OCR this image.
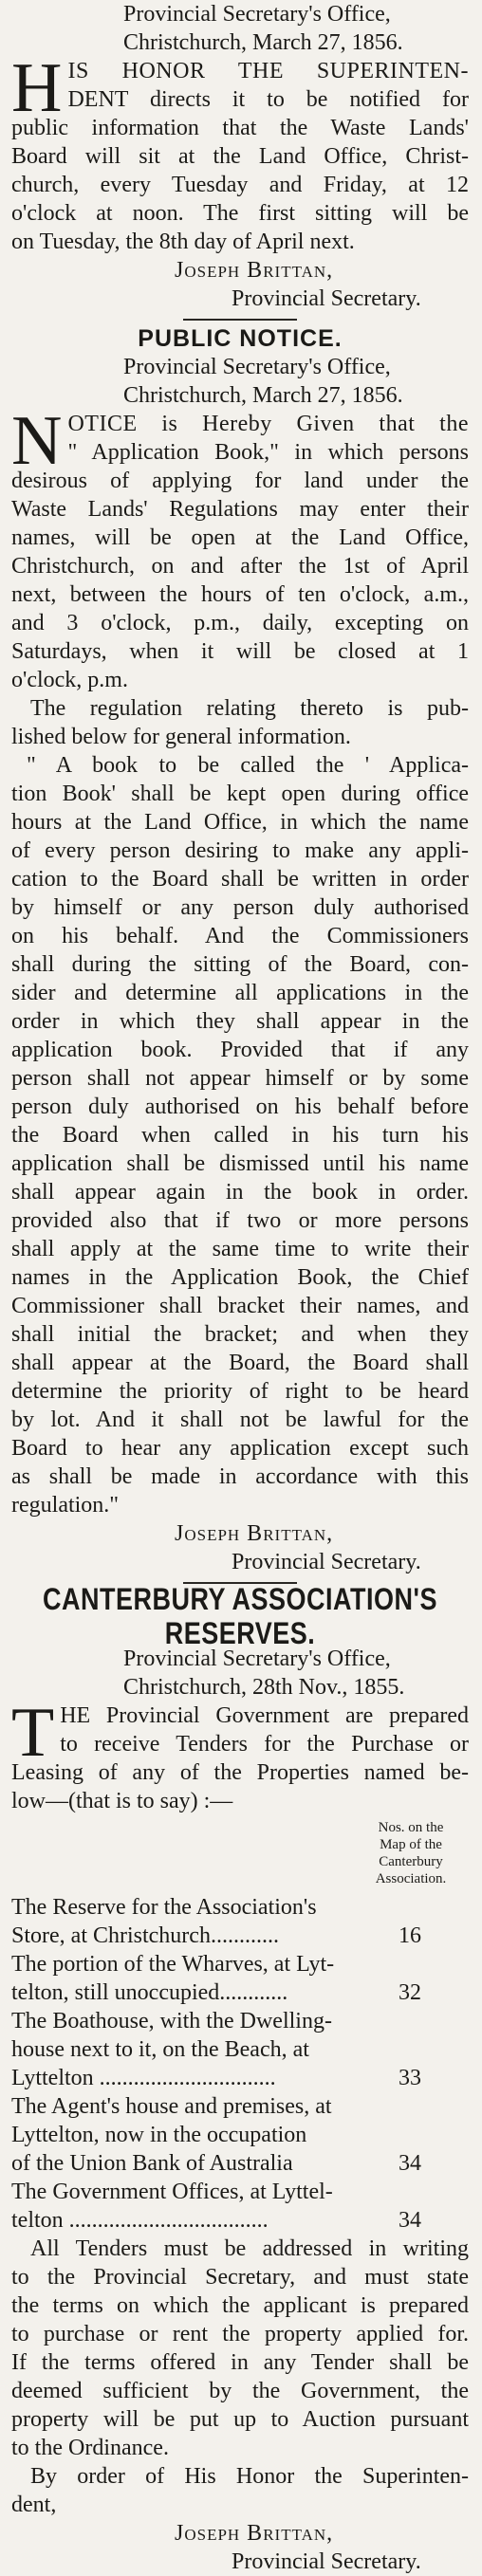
Provincial Secretary's Office,
Christchurch, March 27, 1856.
H IS HONOR THE SUPERINTEN-
DENT directs it to be notified for
public information that the Waste Lands'
Board will sit at the Land Office, Christ-
church, every Tuesday and Friday, at 12
o'clock at noon. The first sitting will be
on Tuesday, the 8th day of April next.
Joseph Brittan,
Provincial Secretary.
PUBLIC NOTICE.
Provincial Secretary's Office,
Christchurch, March 27, 1856.
N OTICE is Hereby Given that the
" Application Book," in which persons
desirous of applying for land under the
Waste Lands' Regulations may enter their
names, will be open at the Land Office,
Christchurch, on and after the 1st of April
next, between the hours of ten o'clock, a.m.,
and 3 o'clock, p.m., daily, excepting on
Saturdays, when it will be closed at 1
o'clock, p.m.
The regulation relating thereto is pub-
lished below for general information.
" A book to be called the ' Applica-
tion Book' shall be kept open during office
hours at the Land Office, in which the name
of every person desiring to make any appli-
cation to the Board shall be written in order
by himself or any person duly authorised
on his behalf. And the Commissioners
shall during the sitting of the Board, con-
sider and determine all applications in the
order in which they shall appear in the
application book. Provided that if any
person shall not appear himself or by some
person duly authorised on his behalf before
the Board when called in his turn his
application shall be dismissed until his name
shall appear again in the book in order.
provided also that if two or more persons
shall apply at the same time to write their
names in the Application Book, the Chief
Commissioner shall bracket their names, and
shall initial the bracket; and when they
shall appear at the Board, the Board shall
determine the priority of right to be heard
by lot. And it shall not be lawful for the
Board to hear any application except such
as shall be made in accordance with this
regulation."
Joseph Brittan,
Provincial Secretary.
CANTERBURY ASSOCIATION'S RESERVES.
Provincial Secretary's Office,
Christchurch, 28th Nov., 1855.
T HE Provincial Government are prepared
to receive Tenders for the Purchase or
Leasing of any of the Properties named be-
low—(that is to say) :—
Nos. on the
Map of the
Canterbury
Association.
The Reserve for the Association's
Store, at Christchurch............	16
The portion of the Wharves, at Lyt-
telton, still unoccupied............	32
The Boathouse, with the Dwelling-
house next to it, on the Beach, at
Lyttelton ...............................	33
The Agent's house and premises, at
Lyttelton, now in the occupation
of the Union Bank of Australia	34
The Government Offices, at Lyttel-
telton ...................................	34
All Tenders must be addressed in writing
to the Provincial Secretary, and must state
the terms on which the applicant is prepared
to purchase or rent the property applied for.
If the terms offered in any Tender shall be
deemed sufficient by the Government, the
property will be put up to Auction pursuant
to the Ordinance.
By order of His Honor the Superinten-
dent,
Joseph Brittan,
Provincial Secretary.
